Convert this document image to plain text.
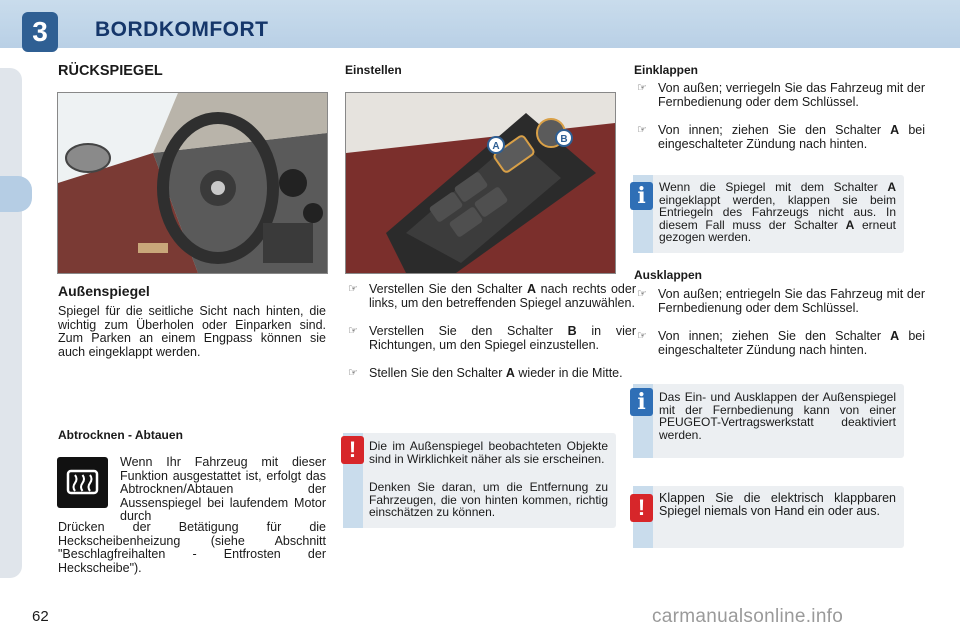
3	BORDKOMFORT
RÜCKSPIEGEL
Außenspiegel
Spiegel für die seitliche Sicht nach hinten, die wichtig zum Überholen oder Einparken sind. Zum Parken an einem Engpass können sie auch eingeklappt werden.
Abtrocknen - Abtauen
Wenn Ihr Fahrzeug mit dieser Funktion ausgestattet ist, erfolgt das Abtrocknen/Abtauen der Aussenspiegel bei laufendem Motor durch
Drücken der Betätigung für die Heckscheibenheizung (siehe Abschnitt "Beschlagfreihalten - Entfrosten der Heckscheibe").
Einstellen
A
B
☞ Verstellen Sie den Schalter A nach rechts oder links, um den betreffenden Spiegel anzuwählen.
☞ Verstellen Sie den Schalter B in vier Richtungen, um den Spiegel einzustellen.
☞ Stellen Sie den Schalter A wieder in die Mitte.
Die im Außenspiegel beobachteten Objekte sind in Wirklichkeit näher als sie erscheinen.
Denken Sie daran, um die Entfernung zu Fahrzeugen, die von hinten kommen, richtig einschätzen zu können.
!
Einklappen
☞ Von außen; verriegeln Sie das Fahrzeug mit der Fernbedienung oder dem Schlüssel.
☞ Von innen; ziehen Sie den Schalter A bei eingeschalteter Zündung nach hinten.
Wenn die Spiegel mit dem Schalter A eingeklappt werden, klappen sie beim Entriegeln des Fahrzeugs nicht aus. In diesem Fall muss der Schalter A erneut gezogen werden.
i
Ausklappen
☞ Von außen; entriegeln Sie das Fahrzeug mit der Fernbedienung oder dem Schlüssel.
☞ Von innen; ziehen Sie den Schalter A bei eingeschalteter Zündung nach hinten.
Das Ein- und Ausklappen der Außenspiegel mit der Fernbedienung kann von einer PEUGEOT-Vertragswerkstatt deaktiviert werden.
i
Klappen Sie die elektrisch klappbaren Spiegel niemals von Hand ein oder aus.
!
62	carmanualsonline.info
